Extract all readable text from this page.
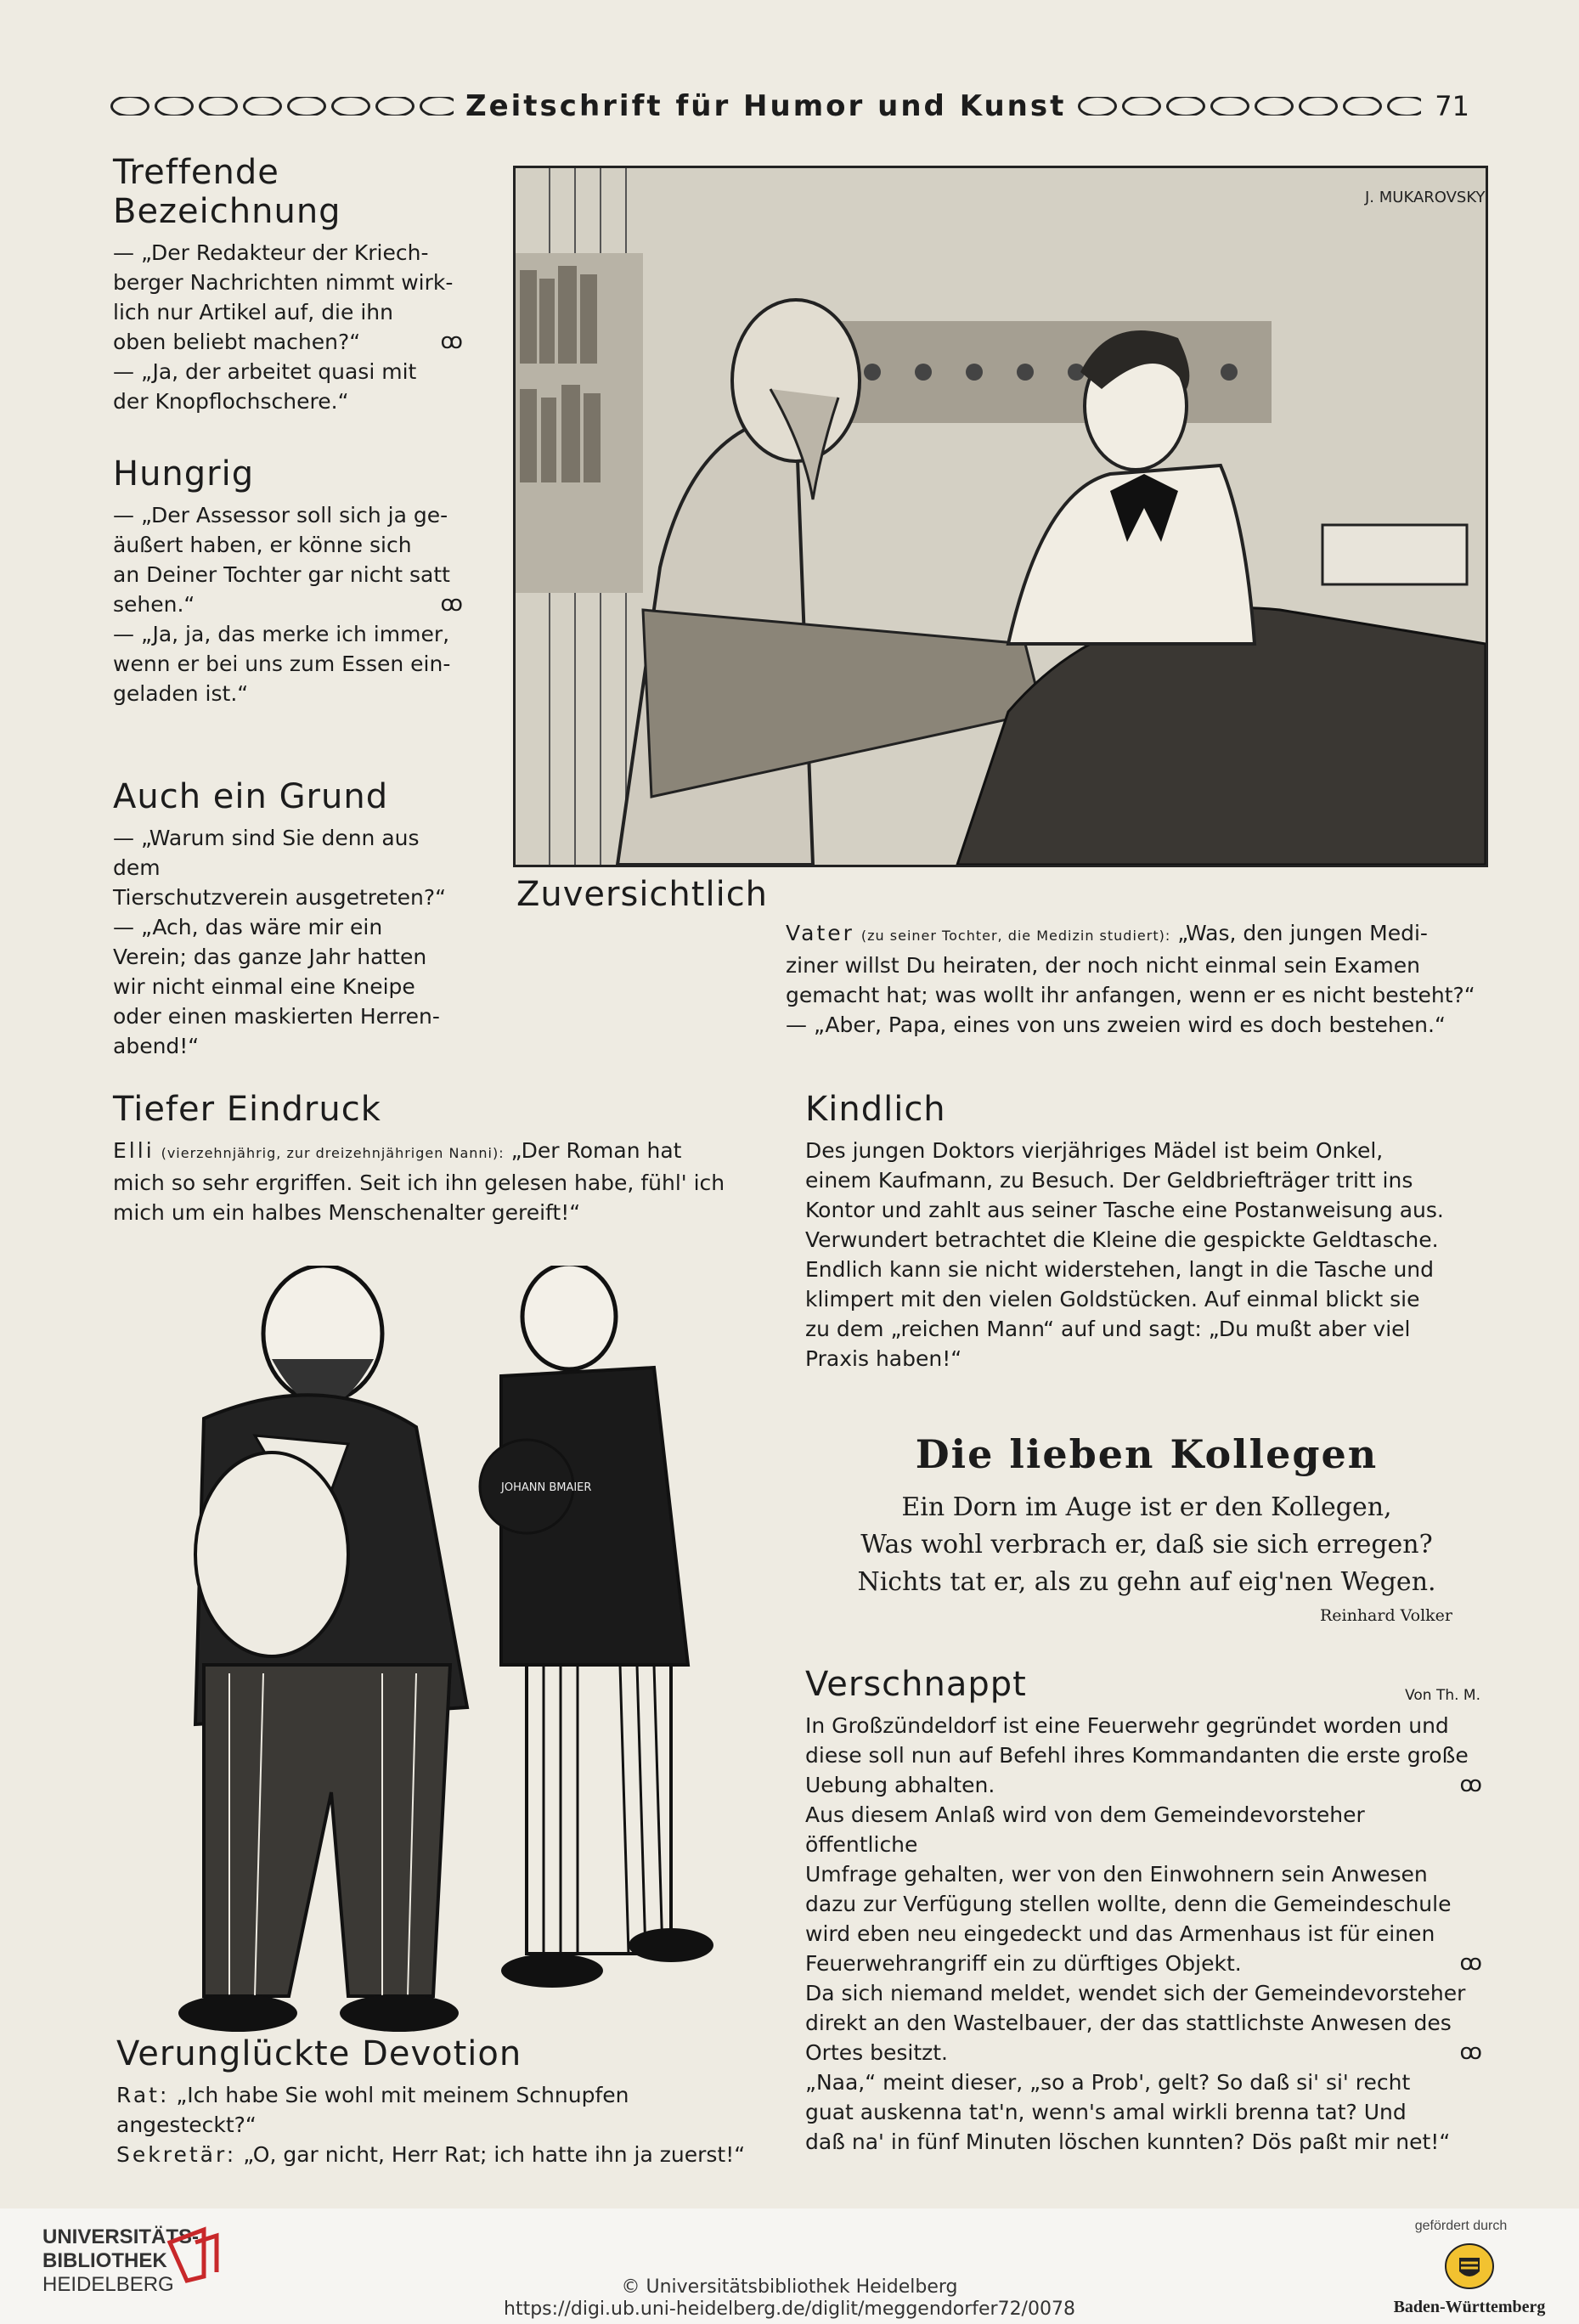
Zeitschrift für Humor und Kunst	71
Treffende Bezeichnung

— „Der Redakteur der Kriech-

berger Nachrichten nimmt wirk-

lich nur Artikel auf, die ihn

oben beliebt machen?“	ꝏ

— „Ja, der arbeitet quasi mit

der Knopflochschere.“

Hungrig

— „Der Assessor soll sich ja ge-

äußert haben, er könne sich

an Deiner Tochter gar nicht satt

sehen.“	ꝏ

— „Ja, ja, das merke ich immer,

wenn er bei uns zum Essen ein-

geladen ist.“

Auch ein Grund

— „Warum sind Sie denn aus dem

Tierschutzverein ausgetreten?“

— „Ach, das wäre mir ein

Verein; das ganze Jahr hatten

wir nicht einmal eine Kneipe

oder einen maskierten Herren-

abend!“

J. MUKAROVSKY
Zuversichtlich

Vater (zu seiner Tochter, die Medizin studiert): „Was, den jungen Medi-

ziner willst Du heiraten, der noch nicht einmal sein Examen

gemacht hat; was wollt ihr anfangen, wenn er es nicht besteht?“

— „Aber, Papa, eines von uns zweien wird es doch bestehen.“

Tiefer Eindruck

Elli (vierzehnjährig, zur dreizehnjährigen Nanni): „Der Roman hat

mich so sehr ergriffen. Seit ich ihn gelesen habe, fühl' ich

mich um ein halbes Menschenalter gereift!“

Kindlich

Des jungen Doktors vierjähriges Mädel ist beim Onkel,

einem Kaufmann, zu Besuch. Der Geldbriefträger tritt ins

Kontor und zahlt aus seiner Tasche eine Postanweisung aus.

Verwundert betrachtet die Kleine die gespickte Geldtasche.

Endlich kann sie nicht widerstehen, langt in die Tasche und

klimpert mit den vielen Goldstücken. Auf einmal blickt sie

zu dem „reichen Mann“ auf und sagt: „Du mußt aber viel

Praxis haben!“

JOHANN BMAIER
Die lieben Kollegen

Ein Dorn im Auge ist er den Kollegen,

Was wohl verbrach er, daß sie sich erregen?

Nichts tat er, als zu gehn auf eig'nen Wegen.

Reinhard Volker
Verschnappt	Von Th. M.

In Großzündeldorf ist eine Feuerwehr gegründet worden und

diese soll nun auf Befehl ihres Kommandanten die erste große

Uebung abhalten.	ꝏ

Aus diesem Anlaß wird von dem Gemeindevorsteher öffentliche

Umfrage gehalten, wer von den Einwohnern sein Anwesen

dazu zur Verfügung stellen wollte, denn die Gemeindeschule

wird eben neu eingedeckt und das Armenhaus ist für einen

Feuerwehrangriff ein zu dürftiges Objekt.	ꝏ

Da sich niemand meldet, wendet sich der Gemeindevorsteher

direkt an den Wastelbauer, der das stattlichste Anwesen des

Ortes besitzt.	ꝏ

„Naa,“ meint dieser, „so a Prob', gelt? So daß si' si' recht

guat auskenna tat'n, wenn's amal wirkli brenna tat? Und

daß na' in fünf Minuten löschen kunnten? Dös paßt mir net!“

Verunglückte Devotion

Rat: „Ich habe Sie wohl mit meinem Schnupfen angesteckt?“

Sekretär: „O, gar nicht, Herr Rat; ich hatte ihn ja zuerst!“

UNIVERSITÄTS-
BIBLIOTHEK
HEIDELBERG	© Universitätsbibliothek Heidelberg
https://digi.ub.uni-heidelberg.de/diglit/meggendorfer72/0078
gefördert durch
Baden-Württemberg
